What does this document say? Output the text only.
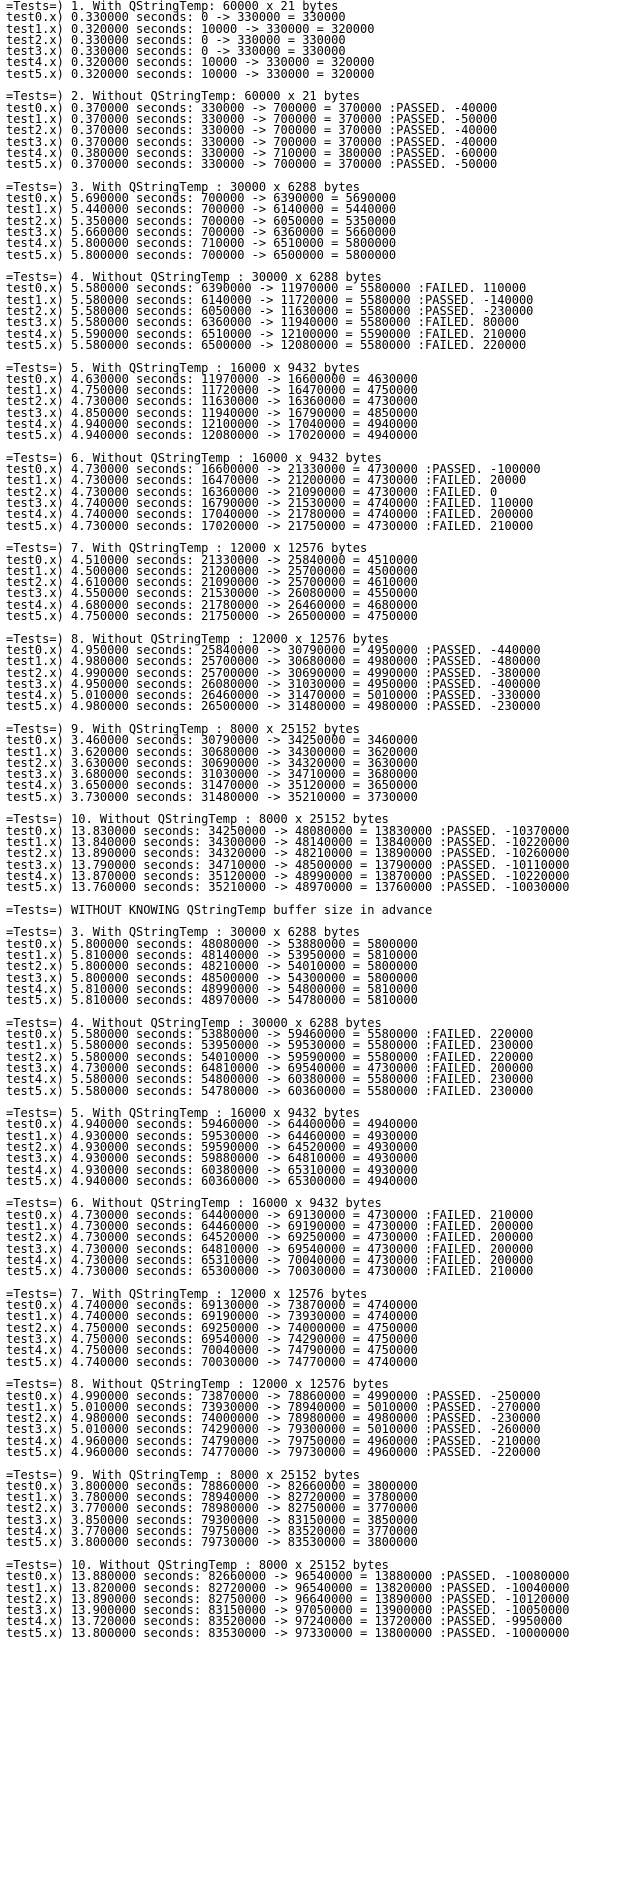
=Tests=) 1. With QStringTemp: 60000 x 21 bytes
test0.x) 0.330000 seconds: 0 -> 330000 = 330000
test1.x) 0.320000 seconds: 10000 -> 330000 = 320000
test2.x) 0.330000 seconds: 0 -> 330000 = 330000
test3.x) 0.330000 seconds: 0 -> 330000 = 330000
test4.x) 0.320000 seconds: 10000 -> 330000 = 320000
test5.x) 0.320000 seconds: 10000 -> 330000 = 320000
=Tests=) 2. Without QStringTemp: 60000 x 21 bytes
test0.x) 0.370000 seconds: 330000 -> 700000 = 370000 :PASSED. -40000
test1.x) 0.370000 seconds: 330000 -> 700000 = 370000 :PASSED. -50000
test2.x) 0.370000 seconds: 330000 -> 700000 = 370000 :PASSED. -40000
test3.x) 0.370000 seconds: 330000 -> 700000 = 370000 :PASSED. -40000
test4.x) 0.380000 seconds: 330000 -> 710000 = 380000 :PASSED. -60000
test5.x) 0.370000 seconds: 330000 -> 700000 = 370000 :PASSED. -50000
=Tests=) 3. With QStringTemp : 30000 x 6288 bytes
test0.x) 5.690000 seconds: 700000 -> 6390000 = 5690000
test1.x) 5.440000 seconds: 700000 -> 6140000 = 5440000
test2.x) 5.350000 seconds: 700000 -> 6050000 = 5350000
test3.x) 5.660000 seconds: 700000 -> 6360000 = 5660000
test4.x) 5.800000 seconds: 710000 -> 6510000 = 5800000
test5.x) 5.800000 seconds: 700000 -> 6500000 = 5800000
=Tests=) 4. Without QStringTemp : 30000 x 6288 bytes
test0.x) 5.580000 seconds: 6390000 -> 11970000 = 5580000 :FAILED. 110000
test1.x) 5.580000 seconds: 6140000 -> 11720000 = 5580000 :PASSED. -140000
test2.x) 5.580000 seconds: 6050000 -> 11630000 = 5580000 :PASSED. -230000
test3.x) 5.580000 seconds: 6360000 -> 11940000 = 5580000 :FAILED. 80000
test4.x) 5.590000 seconds: 6510000 -> 12100000 = 5590000 :FAILED. 210000
test5.x) 5.580000 seconds: 6500000 -> 12080000 = 5580000 :FAILED. 220000
=Tests=) 5. With QStringTemp : 16000 x 9432 bytes
test0.x) 4.630000 seconds: 11970000 -> 16600000 = 4630000
test1.x) 4.750000 seconds: 11720000 -> 16470000 = 4750000
test2.x) 4.730000 seconds: 11630000 -> 16360000 = 4730000
test3.x) 4.850000 seconds: 11940000 -> 16790000 = 4850000
test4.x) 4.940000 seconds: 12100000 -> 17040000 = 4940000
test5.x) 4.940000 seconds: 12080000 -> 17020000 = 4940000
=Tests=) 6. Without QStringTemp : 16000 x 9432 bytes
test0.x) 4.730000 seconds: 16600000 -> 21330000 = 4730000 :PASSED. -100000
test1.x) 4.730000 seconds: 16470000 -> 21200000 = 4730000 :FAILED. 20000
test2.x) 4.730000 seconds: 16360000 -> 21090000 = 4730000 :FAILED. 0
test3.x) 4.740000 seconds: 16790000 -> 21530000 = 4740000 :FAILED. 110000
test4.x) 4.740000 seconds: 17040000 -> 21780000 = 4740000 :FAILED. 200000
test5.x) 4.730000 seconds: 17020000 -> 21750000 = 4730000 :FAILED. 210000
=Tests=) 7. With QStringTemp : 12000 x 12576 bytes
test0.x) 4.510000 seconds: 21330000 -> 25840000 = 4510000
test1.x) 4.500000 seconds: 21200000 -> 25700000 = 4500000
test2.x) 4.610000 seconds: 21090000 -> 25700000 = 4610000
test3.x) 4.550000 seconds: 21530000 -> 26080000 = 4550000
test4.x) 4.680000 seconds: 21780000 -> 26460000 = 4680000
test5.x) 4.750000 seconds: 21750000 -> 26500000 = 4750000
=Tests=) 8. Without QStringTemp : 12000 x 12576 bytes
test0.x) 4.950000 seconds: 25840000 -> 30790000 = 4950000 :PASSED. -440000
test1.x) 4.980000 seconds: 25700000 -> 30680000 = 4980000 :PASSED. -480000
test2.x) 4.990000 seconds: 25700000 -> 30690000 = 4990000 :PASSED. -380000
test3.x) 4.950000 seconds: 26080000 -> 31030000 = 4950000 :PASSED. -400000
test4.x) 5.010000 seconds: 26460000 -> 31470000 = 5010000 :PASSED. -330000
test5.x) 4.980000 seconds: 26500000 -> 31480000 = 4980000 :PASSED. -230000
=Tests=) 9. With QStringTemp : 8000 x 25152 bytes
test0.x) 3.460000 seconds: 30790000 -> 34250000 = 3460000
test1.x) 3.620000 seconds: 30680000 -> 34300000 = 3620000
test2.x) 3.630000 seconds: 30690000 -> 34320000 = 3630000
test3.x) 3.680000 seconds: 31030000 -> 34710000 = 3680000
test4.x) 3.650000 seconds: 31470000 -> 35120000 = 3650000
test5.x) 3.730000 seconds: 31480000 -> 35210000 = 3730000
=Tests=) 10. Without QStringTemp : 8000 x 25152 bytes
test0.x) 13.830000 seconds: 34250000 -> 48080000 = 13830000 :PASSED. -10370000
test1.x) 13.840000 seconds: 34300000 -> 48140000 = 13840000 :PASSED. -10220000
test2.x) 13.890000 seconds: 34320000 -> 48210000 = 13890000 :PASSED. -10260000
test3.x) 13.790000 seconds: 34710000 -> 48500000 = 13790000 :PASSED. -10110000
test4.x) 13.870000 seconds: 35120000 -> 48990000 = 13870000 :PASSED. -10220000
test5.x) 13.760000 seconds: 35210000 -> 48970000 = 13760000 :PASSED. -10030000
=Tests=) WITHOUT KNOWING QStringTemp buffer size in advance
=Tests=) 3. With QStringTemp : 30000 x 6288 bytes
test0.x) 5.800000 seconds: 48080000 -> 53880000 = 5800000
test1.x) 5.810000 seconds: 48140000 -> 53950000 = 5810000
test2.x) 5.800000 seconds: 48210000 -> 54010000 = 5800000
test3.x) 5.800000 seconds: 48500000 -> 54300000 = 5800000
test4.x) 5.810000 seconds: 48990000 -> 54800000 = 5810000
test5.x) 5.810000 seconds: 48970000 -> 54780000 = 5810000
=Tests=) 4. Without QStringTemp : 30000 x 6288 bytes
test0.x) 5.580000 seconds: 53880000 -> 59460000 = 5580000 :FAILED. 220000
test1.x) 5.580000 seconds: 53950000 -> 59530000 = 5580000 :FAILED. 230000
test2.x) 5.580000 seconds: 54010000 -> 59590000 = 5580000 :FAILED. 220000
test3.x) 4.730000 seconds: 64810000 -> 69540000 = 4730000 :FAILED. 200000
test4.x) 5.580000 seconds: 54800000 -> 60380000 = 5580000 :FAILED. 230000
test5.x) 5.580000 seconds: 54780000 -> 60360000 = 5580000 :FAILED. 230000
=Tests=) 5. With QStringTemp : 16000 x 9432 bytes
test0.x) 4.940000 seconds: 59460000 -> 64400000 = 4940000
test1.x) 4.930000 seconds: 59530000 -> 64460000 = 4930000
test2.x) 4.930000 seconds: 59590000 -> 64520000 = 4930000
test3.x) 4.930000 seconds: 59880000 -> 64810000 = 4930000
test4.x) 4.930000 seconds: 60380000 -> 65310000 = 4930000
test5.x) 4.940000 seconds: 60360000 -> 65300000 = 4940000
=Tests=) 6. Without QStringTemp : 16000 x 9432 bytes
test0.x) 4.730000 seconds: 64400000 -> 69130000 = 4730000 :FAILED. 210000
test1.x) 4.730000 seconds: 64460000 -> 69190000 = 4730000 :FAILED. 200000
test2.x) 4.730000 seconds: 64520000 -> 69250000 = 4730000 :FAILED. 200000
test3.x) 4.730000 seconds: 64810000 -> 69540000 = 4730000 :FAILED. 200000
test4.x) 4.730000 seconds: 65310000 -> 70040000 = 4730000 :FAILED. 200000
test5.x) 4.730000 seconds: 65300000 -> 70030000 = 4730000 :FAILED. 210000
=Tests=) 7. With QStringTemp : 12000 x 12576 bytes
test0.x) 4.740000 seconds: 69130000 -> 73870000 = 4740000
test1.x) 4.740000 seconds: 69190000 -> 73930000 = 4740000
test2.x) 4.750000 seconds: 69250000 -> 74000000 = 4750000
test3.x) 4.750000 seconds: 69540000 -> 74290000 = 4750000
test4.x) 4.750000 seconds: 70040000 -> 74790000 = 4750000
test5.x) 4.740000 seconds: 70030000 -> 74770000 = 4740000
=Tests=) 8. Without QStringTemp : 12000 x 12576 bytes
test0.x) 4.990000 seconds: 73870000 -> 78860000 = 4990000 :PASSED. -250000
test1.x) 5.010000 seconds: 73930000 -> 78940000 = 5010000 :PASSED. -270000
test2.x) 4.980000 seconds: 74000000 -> 78980000 = 4980000 :PASSED. -230000
test3.x) 5.010000 seconds: 74290000 -> 79300000 = 5010000 :PASSED. -260000
test4.x) 4.960000 seconds: 74790000 -> 79750000 = 4960000 :PASSED. -210000
test5.x) 4.960000 seconds: 74770000 -> 79730000 = 4960000 :PASSED. -220000
=Tests=) 9. With QStringTemp : 8000 x 25152 bytes
test0.x) 3.800000 seconds: 78860000 -> 82660000 = 3800000
test1.x) 3.780000 seconds: 78940000 -> 82720000 = 3780000
test2.x) 3.770000 seconds: 78980000 -> 82750000 = 3770000
test3.x) 3.850000 seconds: 79300000 -> 83150000 = 3850000
test4.x) 3.770000 seconds: 79750000 -> 83520000 = 3770000
test5.x) 3.800000 seconds: 79730000 -> 83530000 = 3800000
=Tests=) 10. Without QStringTemp : 8000 x 25152 bytes
test0.x) 13.880000 seconds: 82660000 -> 96540000 = 13880000 :PASSED. -10080000
test1.x) 13.820000 seconds: 82720000 -> 96540000 = 13820000 :PASSED. -10040000
test2.x) 13.890000 seconds: 82750000 -> 96640000 = 13890000 :PASSED. -10120000
test3.x) 13.900000 seconds: 83150000 -> 97050000 = 13900000 :PASSED. -10050000
test4.x) 13.720000 seconds: 83520000 -> 97240000 = 13720000 :PASSED. -9950000
test5.x) 13.800000 seconds: 83530000 -> 97330000 = 13800000 :PASSED. -10000000
